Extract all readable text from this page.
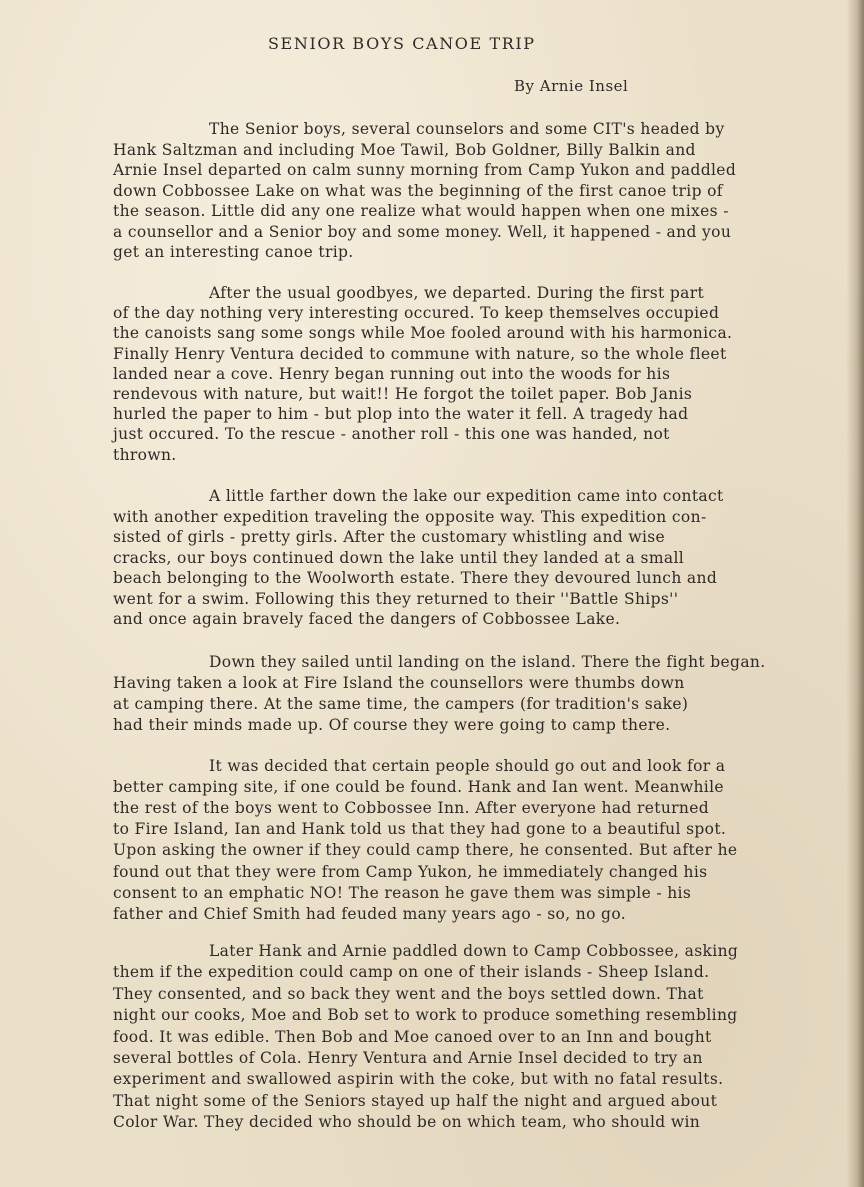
SENIOR BOYS CANOE TRIP
By Arnie Insel
The Senior boys, several counselors and some CIT's headed by
Hank Saltzman and including Moe Tawil, Bob Goldner, Billy Balkin and
Arnie Insel departed on calm sunny morning from Camp Yukon and paddled
down Cobbossee Lake on what was the beginning of the first canoe trip of
the season. Little did any one realize what would happen when one mixes -
a counsellor and a Senior boy and some money. Well, it happened - and you
get an interesting canoe trip.
After the usual goodbyes, we departed. During the first part
of the day nothing very interesting occured. To keep themselves occupied
the canoists sang some songs while Moe fooled around with his harmonica.
Finally Henry Ventura decided to commune with nature, so the whole fleet
landed near a cove. Henry began running out into the woods for his
rendevous with nature, but wait!! He forgot the toilet paper. Bob Janis
hurled the paper to him - but plop into the water it fell. A tragedy had
just occured. To the rescue - another roll - this one was handed, not
thrown.
A little farther down the lake our expedition came into contact
with another expedition traveling the opposite way. This expedition con-
sisted of girls - pretty girls. After the customary whistling and wise
cracks, our boys continued down the lake until they landed at a small
beach belonging to the Woolworth estate. There they devoured lunch and
went for a swim. Following this they returned to their ''Battle Ships''
and once again bravely faced the dangers of Cobbossee Lake.
Down they sailed until landing on the island. There the fight began.
Having taken a look at Fire Island the counsellors were thumbs down
at camping there. At the same time, the campers (for tradition's sake)
had their minds made up. Of course they were going to camp there.
It was decided that certain people should go out and look for a
better camping site, if one could be found. Hank and Ian went. Meanwhile
the rest of the boys went to Cobbossee Inn. After everyone had returned
to Fire Island, Ian and Hank told us that they had gone to a beautiful spot.
Upon asking the owner if they could camp there, he consented. But after he
found out that they were from Camp Yukon, he immediately changed his
consent to an emphatic NO! The reason he gave them was simple - his
father and Chief Smith had feuded many years ago - so, no go.
Later Hank and Arnie paddled down to Camp Cobbossee, asking
them if the expedition could camp on one of their islands - Sheep Island.
They consented, and so back they went and the boys settled down. That
night our cooks, Moe and Bob set to work to produce something resembling
food. It was edible. Then Bob and Moe canoed over to an Inn and bought
several bottles of Cola. Henry Ventura and Arnie Insel decided to try an
experiment and swallowed aspirin with the coke, but with no fatal results.
That night some of the Seniors stayed up half the night and argued about
Color War. They decided who should be on which team, who should win
